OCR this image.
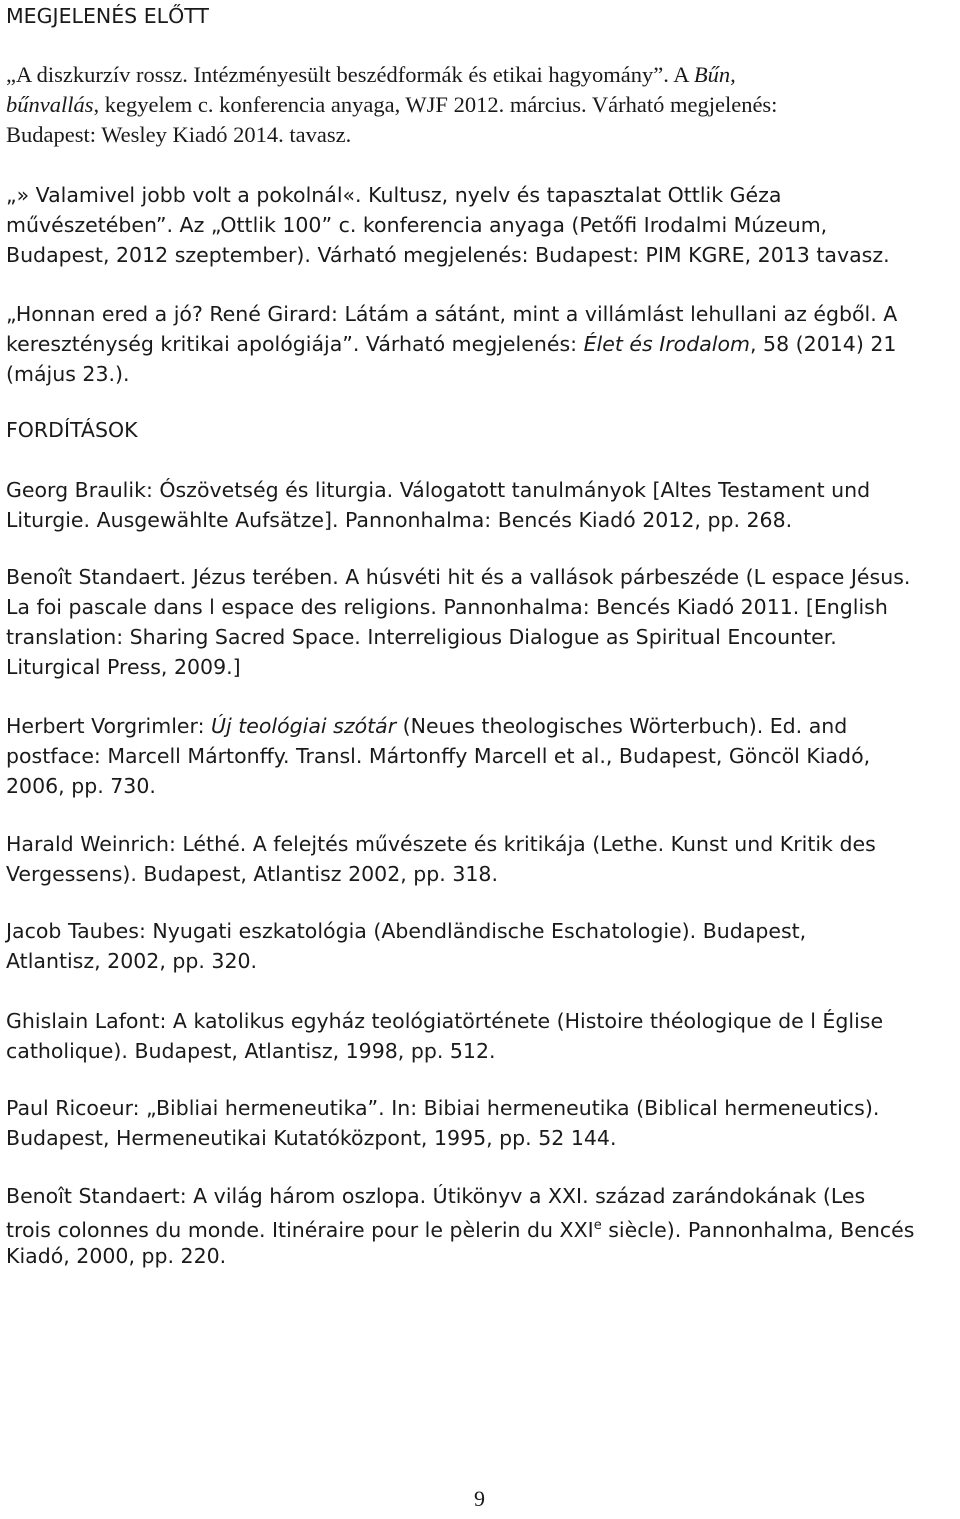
MEGJELENÉS ELŐTT
„A diszkurzív rossz. Intézményesült beszédformák és etikai hagyomány”. A Bűn,
bűnvallás, kegyelem c. konferencia anyaga, WJF 2012. március. Várható megjelenés:
Budapest: Wesley Kiadó 2014. tavasz.
„» Valamivel jobb volt a pokolnál«. Kultusz, nyelv és tapasztalat Ottlik Géza
művészetében”. Az „Ottlik 100” c. konferencia anyaga (Petőfi Irodalmi Múzeum,
Budapest, 2012 szeptember). Várható megjelenés: Budapest: PIM KGRE, 2013 tavasz.
„Honnan ered a jó? René Girard: Látám a sátánt, mint a villámlást lehullani az égből. A
kereszténység kritikai apológiája”. Várható megjelenés: Élet és Irodalom, 58 (2014) 21
(május 23.).
FORDÍTÁSOK
Georg Braulik: Ószövetség és liturgia. Válogatott tanulmányok [Altes Testament und
Liturgie. Ausgewählte Aufsätze]. Pannonhalma: Bencés Kiadó 2012, pp. 268.
Benoît Standaert. Jézus terében. A húsvéti hit és a vallások párbeszéde (L espace Jésus.
La foi pascale dans l espace des religions. Pannonhalma: Bencés Kiadó 2011. [English
translation: Sharing Sacred Space. Interreligious Dialogue as Spiritual Encounter.
Liturgical Press, 2009.]
Herbert Vorgrimler: Új teológiai szótár (Neues theologisches Wörterbuch). Ed. and
postface: Marcell Mártonffy. Transl. Mártonffy Marcell et al., Budapest, Göncöl Kiadó,
2006, pp. 730.
Harald Weinrich: Léthé. A felejtés művészete és kritikája (Lethe. Kunst und Kritik des
Vergessens). Budapest, Atlantisz 2002, pp. 318.
Jacob Taubes: Nyugati eszkatológia (Abendländische Eschatologie). Budapest,
Atlantisz, 2002, pp. 320.
Ghislain Lafont: A katolikus egyház teológiatörténete (Histoire théologique de l Église
catholique). Budapest, Atlantisz, 1998, pp. 512.
Paul Ricoeur: „Bibliai hermeneutika”. In: Bibiai hermeneutika (Biblical hermeneutics).
Budapest, Hermeneutikai Kutatóközpont, 1995, pp. 52 144.
Benoît Standaert: A világ három oszlopa. Útikönyv a XXI. század zarándokának (Les
trois colonnes du monde. Itinéraire pour le pèlerin du XXIe siècle). Pannonhalma, Bencés
Kiadó, 2000, pp. 220.
9
